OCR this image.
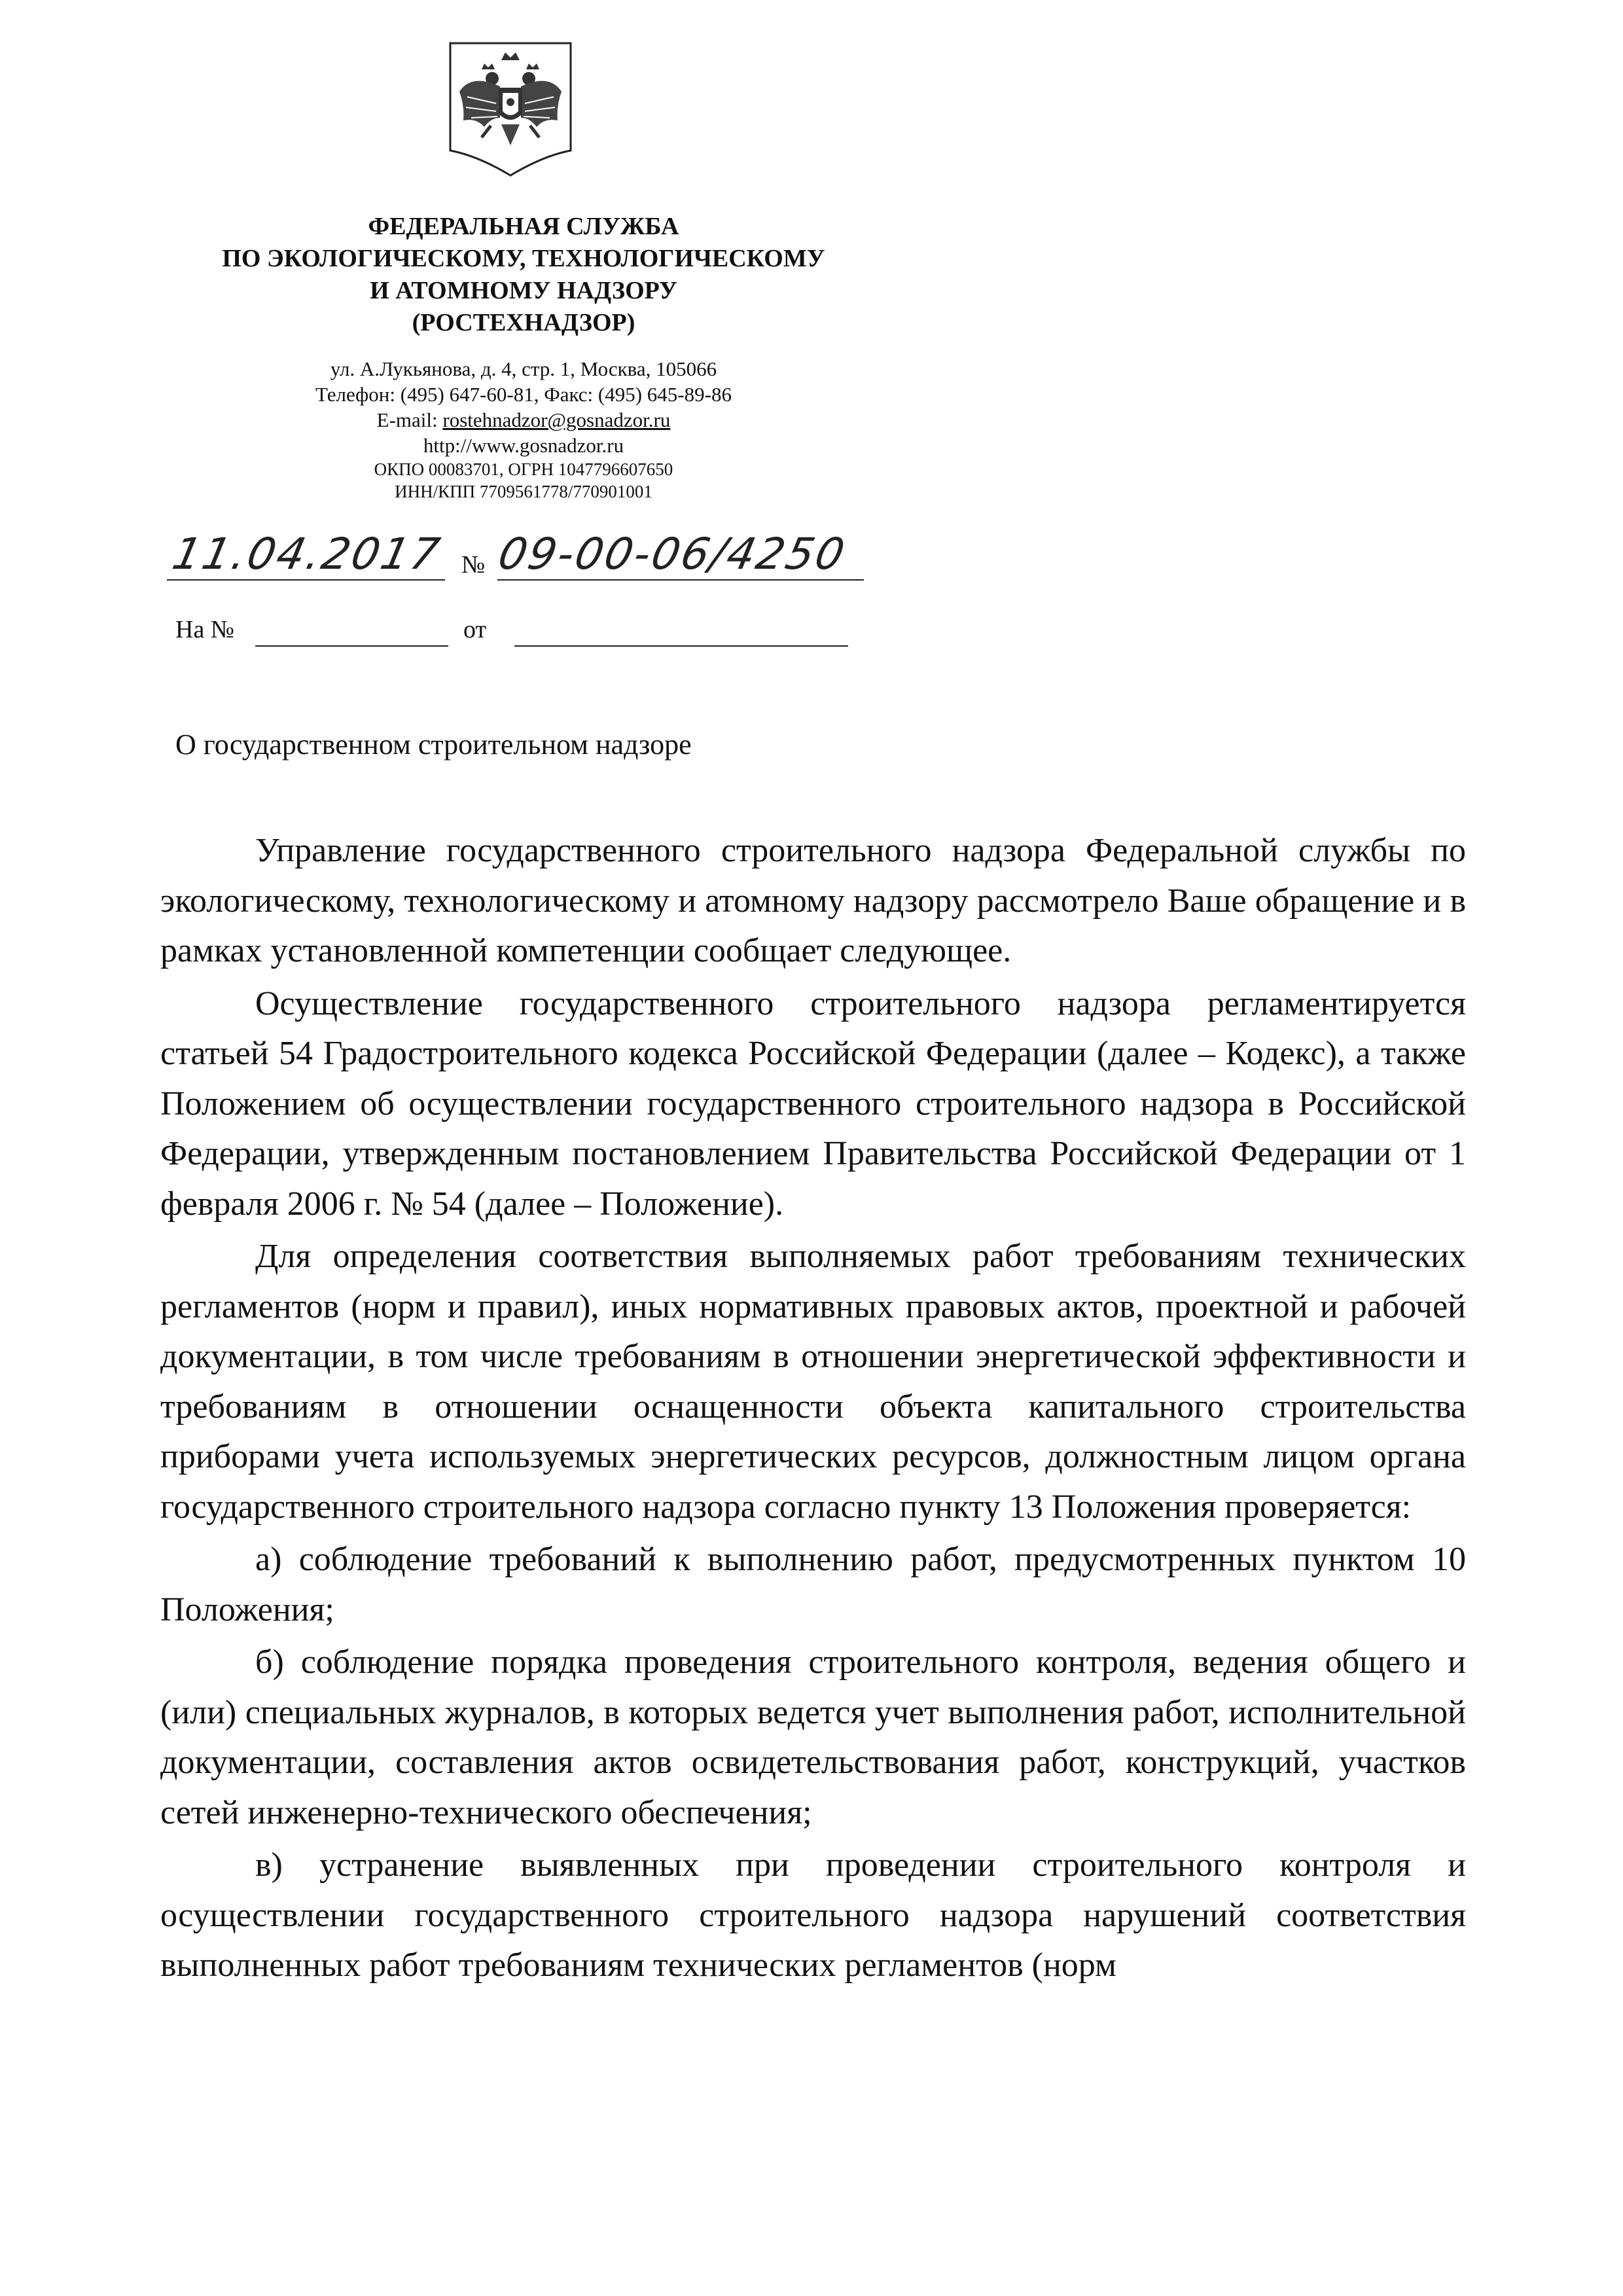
ФЕДЕРАЛЬНАЯ СЛУЖБА
ПО ЭКОЛОГИЧЕСКОМУ, ТЕХНОЛОГИЧЕСКОМУ
И АТОМНОМУ НАДЗОРУ
(РОСТЕХНАДЗОР)
ул. А.Лукьянова, д. 4, стр. 1, Москва, 105066
Телефон: (495) 647-60-81, Факс: (495) 645-89-86
E-mail: rostehnadzor@gosnadzor.ru
http://www.gosnadzor.ru
ОКПО 00083701, ОГРН 1047796607650
ИНН/КПП 7709561778/770901001
11.04.2017 № 09-00-06/4250
На №	от
О государственном строительном надзоре

Управление государственного строительного надзора Федеральной службы по экологическому, технологическому и атомному надзору рассмотрело Ваше обращение и в рамках установленной компетенции сообщает следующее.

Осуществление государственного строительного надзора регламентируется статьей 54 Градостроительного кодекса Российской Федерации (далее – Кодекс), а также Положением об осуществлении государственного строительного надзора в Российской Федерации, утвержденным постановлением Правительства Российской Федерации от 1 февраля 2006 г. № 54 (далее – Положение).

Для определения соответствия выполняемых работ требованиям технических регламентов (норм и правил), иных нормативных правовых актов, проектной и рабочей документации, в том числе требованиям в отношении энергетической эффективности и требованиям в отношении оснащенности объекта капитального строительства приборами учета используемых энергетических ресурсов, должностным лицом органа государственного строительного надзора согласно пункту 13 Положения проверяется:

а) соблюдение требований к выполнению работ, предусмотренных пунктом 10 Положения;

б) соблюдение порядка проведения строительного контроля, ведения общего и (или) специальных журналов, в которых ведется учет выполнения работ, исполнительной документации, составления актов освидетельствования работ, конструкций, участков сетей инженерно-технического обеспечения;

в) устранение выявленных при проведении строительного контроля и осуществлении государственного строительного надзора нарушений соответствия выполненных работ требованиям технических регламентов (норм
